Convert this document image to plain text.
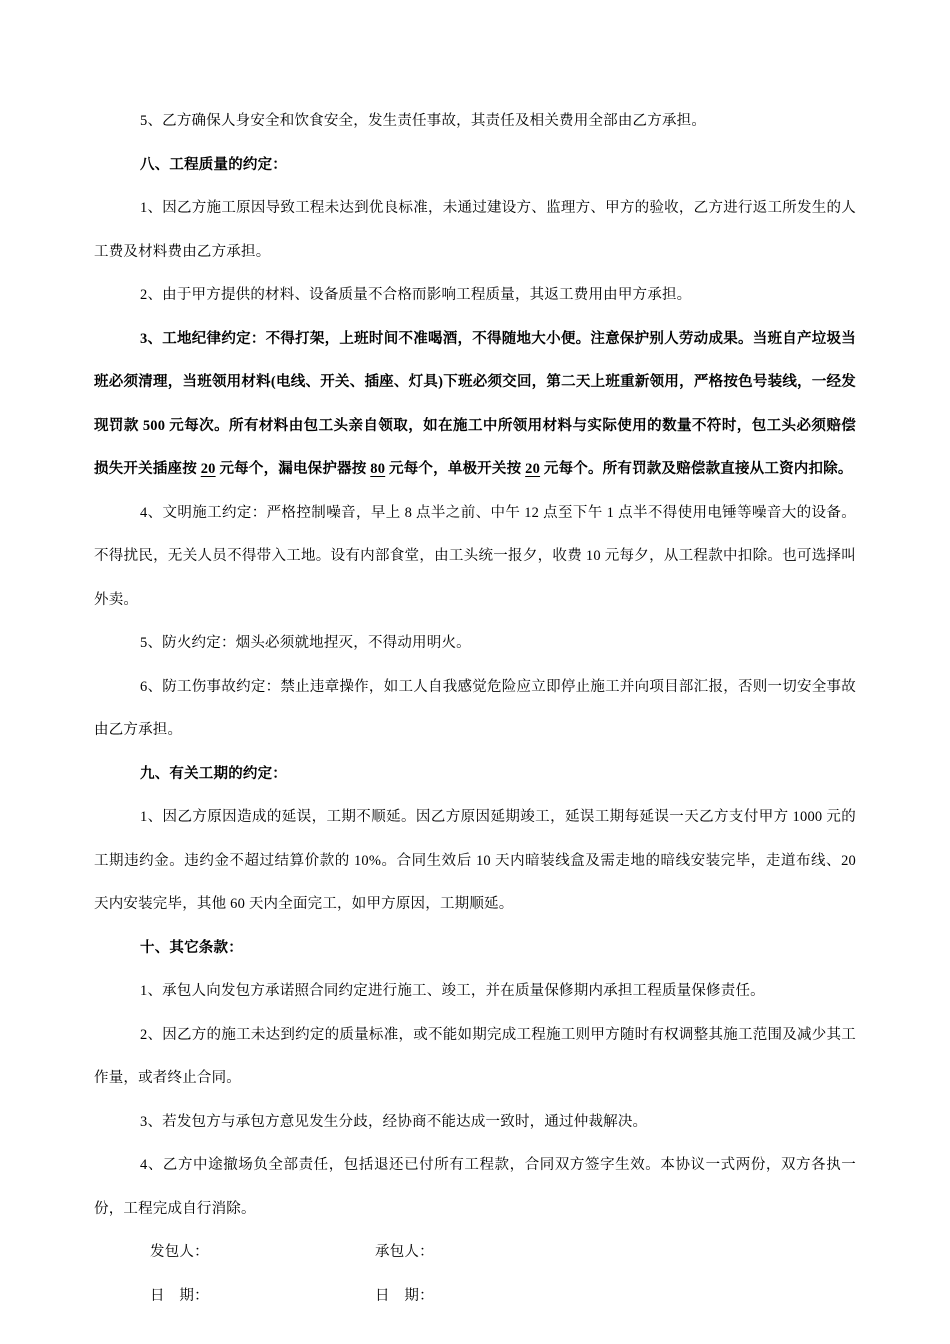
5、乙方确保人身安全和饮食安全，发生责任事故，其责任及相关费用全部由乙方承担。

八、工程质量的约定：

1、因乙方施工原因导致工程未达到优良标准，未通过建设方、监理方、甲方的验收，乙方进行返工所发生的人工费及材料费由乙方承担。

2、由于甲方提供的材料、设备质量不合格而影响工程质量，其返工费用由甲方承担。

3、工地纪律约定：不得打架，上班时间不准喝酒，不得随地大小便。注意保护别人劳动成果。当班自产垃圾当班必须清理，当班领用材料(电线、开关、插座、灯具)下班必须交回，第二天上班重新领用，严格按色号装线，一经发现罚款 500 元每次。所有材料由包工头亲自领取，如在施工中所领用材料与实际使用的数量不符时，包工头必须赔偿损失开关插座按 20 元每个，漏电保护器按 80 元每个，单极开关按 20 元每个。所有罚款及赔偿款直接从工资内扣除。

4、文明施工约定：严格控制噪音，早上 8 点半之前、中午 12 点至下午 1 点半不得使用电锤等噪音大的设备。不得扰民，无关人员不得带入工地。设有内部食堂，由工头统一报夕，收费 10 元每夕，从工程款中扣除。也可选择叫外卖。

5、防火约定：烟头必须就地捏灭，不得动用明火。

6、防工伤事故约定：禁止违章操作，如工人自我感觉危险应立即停止施工并向项目部汇报，否则一切安全事故由乙方承担。

九、有关工期的约定：

1、因乙方原因造成的延误，工期不顺延。因乙方原因延期竣工，延误工期每延误一天乙方支付甲方 1000 元的工期违约金。违约金不超过结算价款的 10%。合同生效后 10 天内暗装线盒及需走地的暗线安装完毕，走道布线、20 天内安装完毕，其他 60 天内全面完工，如甲方原因，工期顺延。

十、其它条款：

1、承包人向发包方承诺照合同约定进行施工、竣工，并在质量保修期内承担工程质量保修责任。

2、因乙方的施工未达到约定的质量标准，或不能如期完成工程施工则甲方随时有权调整其施工范围及减少其工作量，或者终止合同。

3、若发包方与承包方意见发生分歧，经协商不能达成一致时，通过仲裁解决。

4、乙方中途撤场负全部责任，包括退还已付所有工程款，合同双方签字生效。本协议一式两份，双方各执一份，工程完成自行消除。

发包人：	承包人：

日　期：	日　期：
